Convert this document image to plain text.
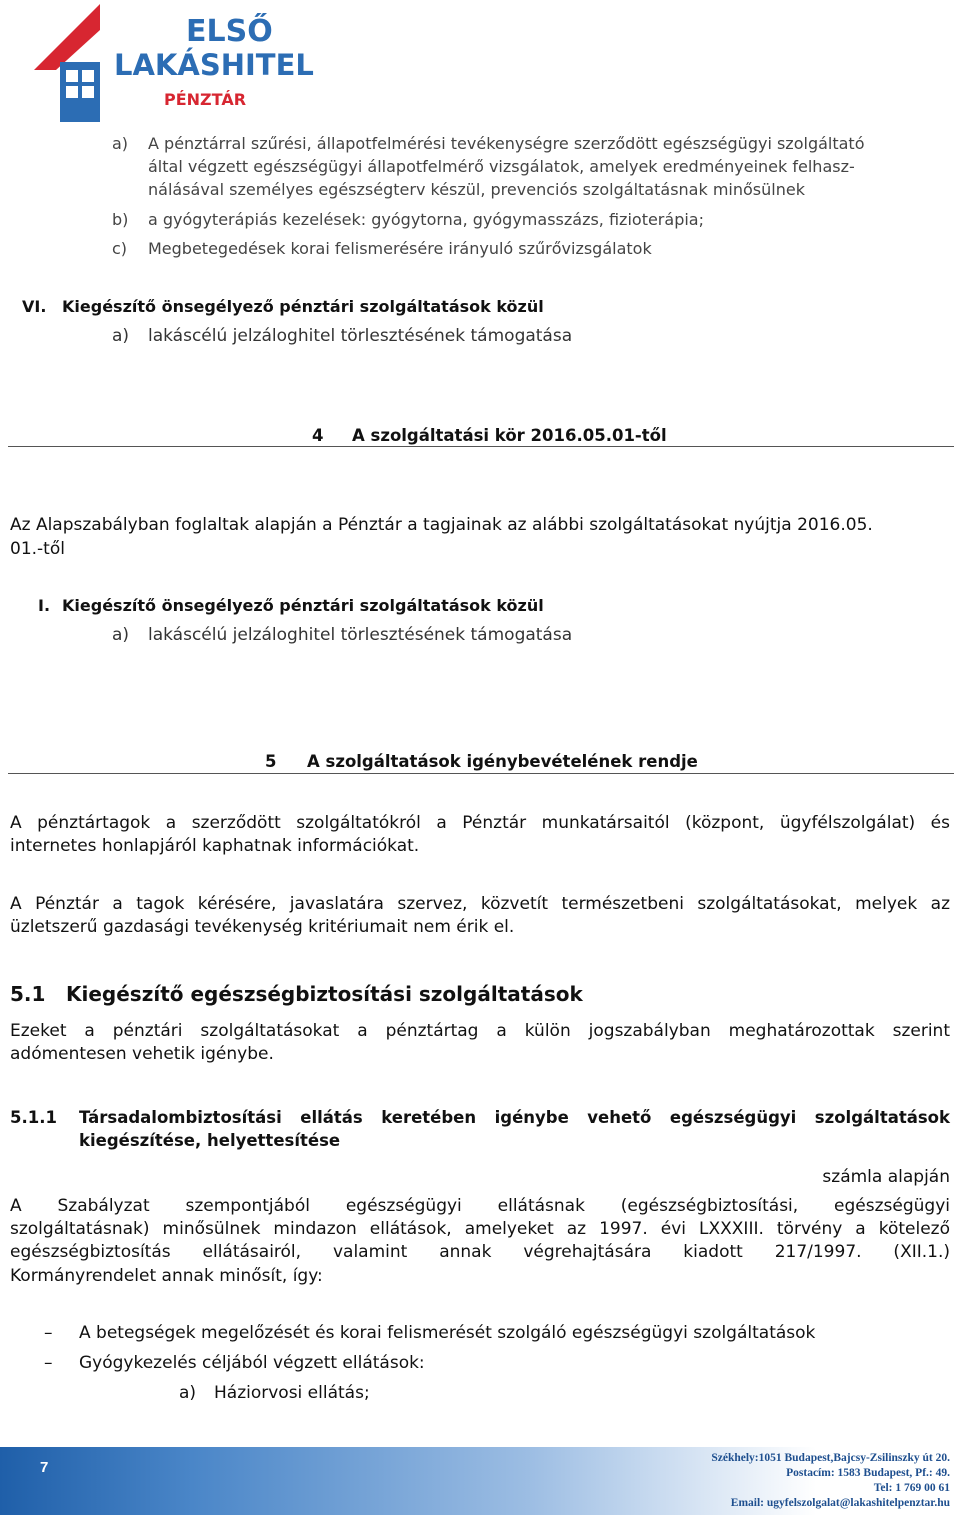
ELSŐ
LAKÁSHITEL
PÉNZTÁR
a) A pénztárral szűrési, állapotfelmérési tevékenységre szerződött egészségügyi szolgáltató
által végzett egészségügyi állapotfelmérő vizsgálatok, amelyek eredményeinek felhasz-
nálásával személyes egészségterv készül, prevenciós szolgáltatásnak minősülnek
b) a gyógyterápiás kezelések: gyógytorna, gyógymasszázs, fizioterápia;
c) Megbetegedések korai felismerésére irányuló szűrővizsgálatok
VI. Kiegészítő önsegélyező pénztári szolgáltatások közül
a) lakáscélú jelzáloghitel törlesztésének támogatása
4 A szolgáltatási kör 2016.05.01-től
Az Alapszabályban foglaltak alapján a Pénztár a tagjainak az alábbi szolgáltatásokat nyújtja 2016.05.
01.-től
I. Kiegészítő önsegélyező pénztári szolgáltatások közül
a) lakáscélú jelzáloghitel törlesztésének támogatása
5 A szolgáltatások igénybevételének rendje
A pénztártagok a szerződött szolgáltatókról a Pénztár munkatársaitól (központ, ügyfélszolgálat) és
internetes honlapjáról kaphatnak információkat.
A Pénztár a tagok kérésére, javaslatára szervez, közvetít természetbeni szolgáltatásokat, melyek az
üzletszerű gazdasági tevékenység kritériumait nem érik el.
5.1 Kiegészítő egészségbiztosítási szolgáltatások
Ezeket a pénztári szolgáltatásokat a pénztártag a külön jogszabályban meghatározottak szerint
adómentesen vehetik igénybe.
5.1.1 Társadalombiztosítási ellátás keretében igénybe vehető egészségügyi szolgáltatások
kiegészítése, helyettesítése
számla alapján
A Szabályzat szempontjából egészségügyi ellátásnak (egészségbiztosítási, egészségügyi
szolgáltatásnak) minősülnek mindazon ellátások, amelyeket az 1997. évi LXXXIII. törvény a kötelező
egészségbiztosítás ellátásairól, valamint annak végrehajtására kiadott 217/1997. (XII.1.)
Kormányrendelet annak minősít, így:
– A betegségek megelőzését és korai felismerését szolgáló egészségügyi szolgáltatások
– Gyógykezelés céljából végzett ellátások:
a) Háziorvosi ellátás;
7
Székhely:1051 Budapest,Bajcsy-Zsilinszky út 20.
Postacím: 1583 Budapest, Pf.: 49.
Tel: 1 769 00 61
Email: ugyfelszolgalat@lakashitelpenztar.hu
